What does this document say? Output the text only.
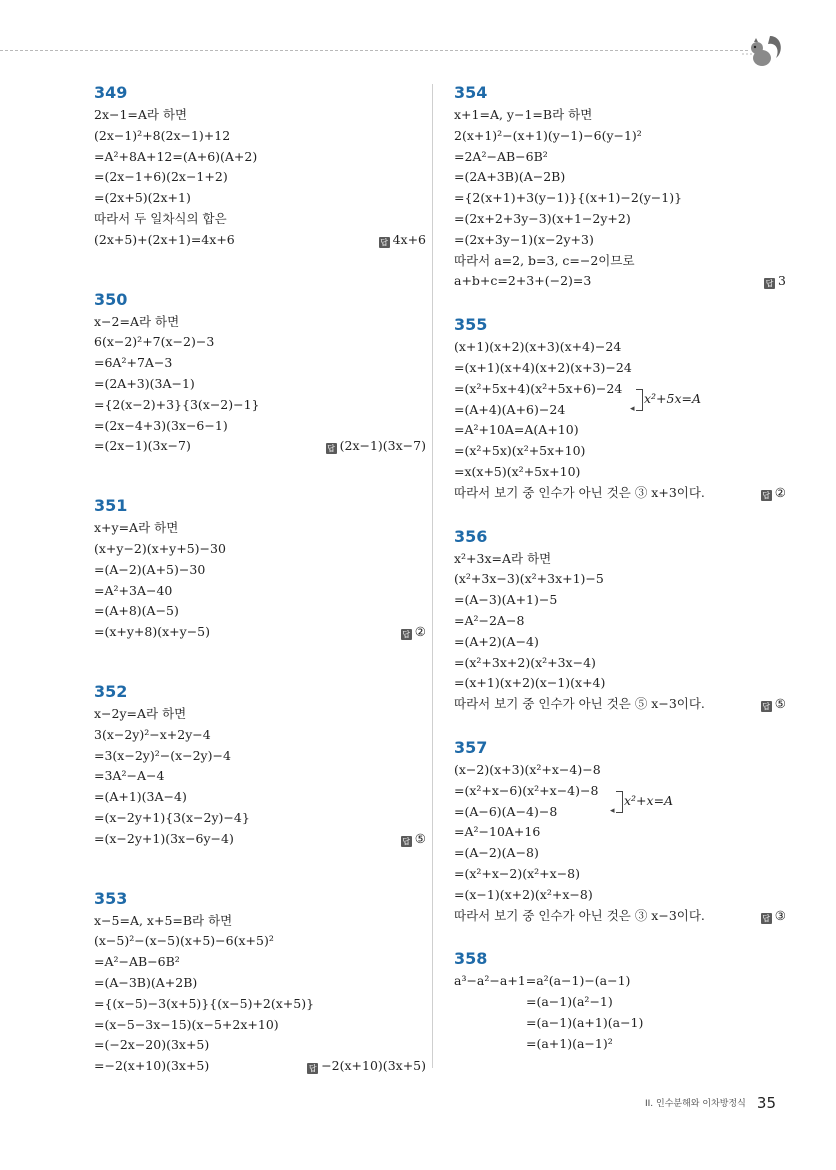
349
2x−1=A라 하면
(2x−1)²+8(2x−1)+12
=A²+8A+12=(A+6)(A+2)
=(2x−1+6)(2x−1+2)
=(2x+5)(2x+1)
따라서 두 일차식의 합은
(2x+5)+(2x+1)=4x+6	답 4x+6
350
x−2=A라 하면
6(x−2)²+7(x−2)−3
=6A²+7A−3
=(2A+3)(3A−1)
={2(x−2)+3}{3(x−2)−1}
=(2x−4+3)(3x−6−1)
=(2x−1)(3x−7)	답 (2x−1)(3x−7)
351
x+y=A라 하면
(x+y−2)(x+y+5)−30
=(A−2)(A+5)−30
=A²+3A−40
=(A+8)(A−5)
=(x+y+8)(x+y−5)	답 ②
352
x−2y=A라 하면
3(x−2y)²−x+2y−4
=3(x−2y)²−(x−2y)−4
=3A²−A−4
=(A+1)(3A−4)
=(x−2y+1){3(x−2y)−4}
=(x−2y+1)(3x−6y−4)	답 ⑤
353
x−5=A, x+5=B라 하면
(x−5)²−(x−5)(x+5)−6(x+5)²
=A²−AB−6B²
=(A−3B)(A+2B)
={(x−5)−3(x+5)}{(x−5)+2(x+5)}
=(x−5−3x−15)(x−5+2x+10)
=(−2x−20)(3x+5)
=−2(x+10)(3x+5)	답 −2(x+10)(3x+5)
354
x+1=A, y−1=B라 하면
2(x+1)²−(x+1)(y−1)−6(y−1)²
=2A²−AB−6B²
=(2A+3B)(A−2B)
={2(x+1)+3(y−1)}{(x+1)−2(y−1)}
=(2x+2+3y−3)(x+1−2y+2)
=(2x+3y−1)(x−2y+3)
따라서 a=2, b=3, c=−2이므로
a+b+c=2+3+(−2)=3	답 3
355
(x+1)(x+2)(x+3)(x+4)−24
=(x+1)(x+4)(x+2)(x+3)−24
=(x²+5x+4)(x²+5x+6)−24
◂
x²+5x=A
=(A+4)(A+6)−24
=A²+10A=A(A+10)
=(x²+5x)(x²+5x+10)
=x(x+5)(x²+5x+10)
따라서 보기 중 인수가 아닌 것은 ③ x+3이다.	답 ②
356
x²+3x=A라 하면
(x²+3x−3)(x²+3x+1)−5
=(A−3)(A+1)−5
=A²−2A−8
=(A+2)(A−4)
=(x²+3x+2)(x²+3x−4)
=(x+1)(x+2)(x−1)(x+4)
따라서 보기 중 인수가 아닌 것은 ⑤ x−3이다.	답 ⑤
357
(x−2)(x+3)(x²+x−4)−8
=(x²+x−6)(x²+x−4)−8
◂
x²+x=A
=(A−6)(A−4)−8
=A²−10A+16
=(A−2)(A−8)
=(x²+x−2)(x²+x−8)
=(x−1)(x+2)(x²+x−8)
따라서 보기 중 인수가 아닌 것은 ③ x−3이다.	답 ③
358
a³−a²−a+1=a²(a−1)−(a−1)
=(a−1)(a²−1)
=(a−1)(a+1)(a−1)
=(a+1)(a−1)²
II. 인수분해와 이차방정식 35
